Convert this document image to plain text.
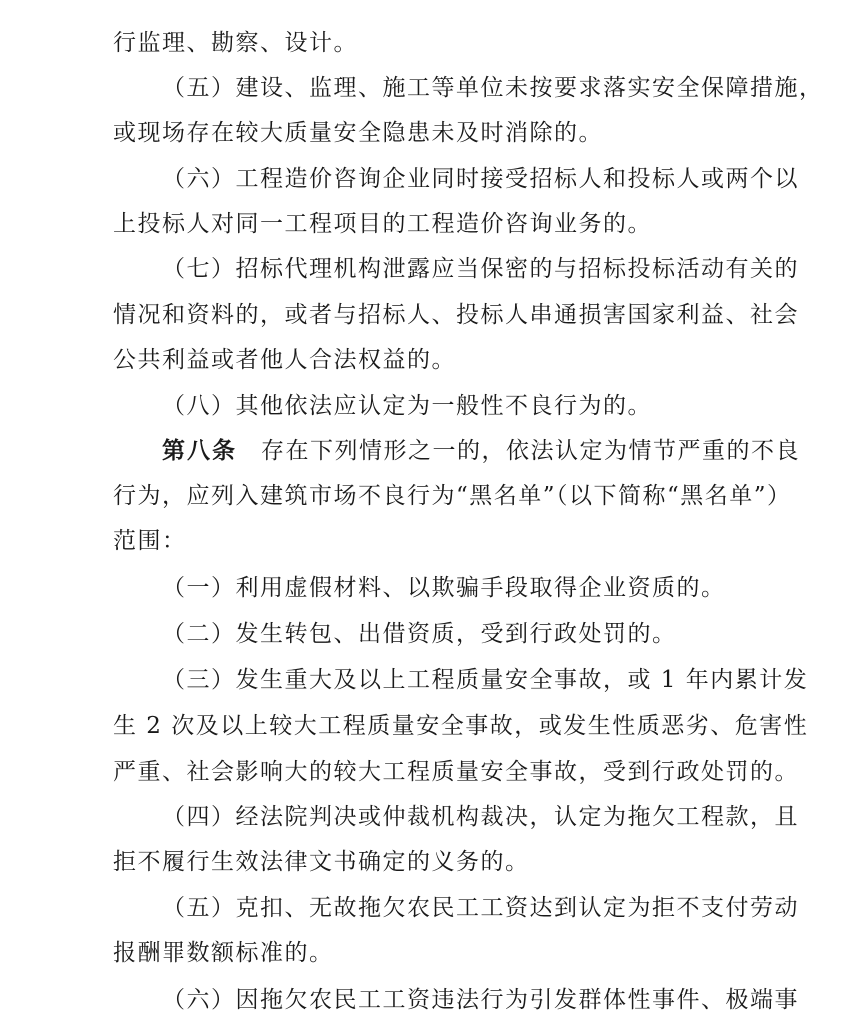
行监理、勘察、设计。
（五）建设、监理、施工等单位未按要求落实安全保障措施，
或现场存在较大质量安全隐患未及时消除的。
（六）工程造价咨询企业同时接受招标人和投标人或两个以
上投标人对同一工程项目的工程造价咨询业务的。
（七）招标代理机构泄露应当保密的与招标投标活动有关的
情况和资料的，或者与招标人、投标人串通损害国家利益、社会
公共利益或者他人合法权益的。
（八）其他依法应认定为一般性不良行为的。
第八条 存在下列情形之一的，依法认定为情节严重的不良
行为，应列入建筑市场不良行为“黑名单”（以下简称“黑名单”）
范围：
（一）利用虚假材料、以欺骗手段取得企业资质的。
（二）发生转包、出借资质，受到行政处罚的。
（三）发生重大及以上工程质量安全事故，或 1 年内累计发
生 2 次及以上较大工程质量安全事故，或发生性质恶劣、危害性
严重、社会影响大的较大工程质量安全事故，受到行政处罚的。
（四）经法院判决或仲裁机构裁决，认定为拖欠工程款，且
拒不履行生效法律文书确定的义务的。
（五）克扣、无故拖欠农民工工资达到认定为拒不支付劳动
报酬罪数额标准的。
（六）因拖欠农民工工资违法行为引发群体性事件、极端事
